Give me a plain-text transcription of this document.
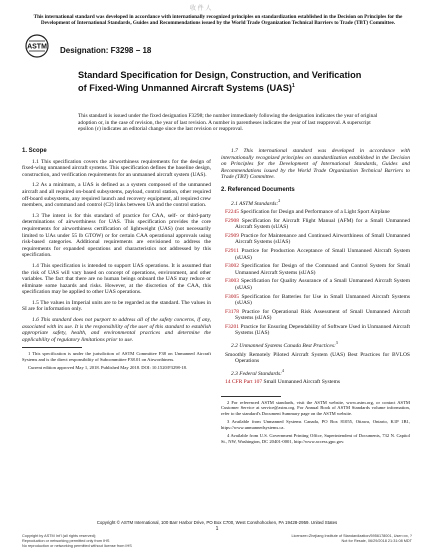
收 件 人
This international standard was developed in accordance with internationally recognized principles on standardization established in the Decision on Principles for the Development of International Standards, Guides and Recommendations issued by the World Trade Organization Technical Barriers to Trade (TBT) Committee.
ASTM Designation: F3298 − 18
Standard Specification for Design, Construction, and Verification of Fixed-Wing Unmanned Aircraft Systems (UAS)$^1$
This standard is issued under the fixed designation F3298; the number immediately following the designation indicates the year of original adoption or, in the case of revision, the year of last revision. A number in parentheses indicates the year of last reapproval. A superscript epsilon (ε) indicates an editorial change since the last revision or reapproval.
1. Scope

1.1 This specification covers the airworthiness requirements for the design of fixed-wing unmanned aircraft systems. This specification defines the baseline design, construction, and verification requirements for an unmanned aircraft system (UAS).

1.2 As a minimum, a UAS is defined as a system composed of the unmanned aircraft and all required on-board subsystems, payload, control station, other required off-board subsystems, any required launch and recovery equipment, all required crew members, and command and control (C2) links between UA and the control station.

1.3 The intent is for this standard of practice for CAA, self- or third-party determinations of airworthiness for UAS. This specification provides the core requirements for airworthiness certification of lightweight (UAS) (not necessarily limited to UAs under 55 lb GTOW) or for certain CAA operational approvals using risk-based categories. Additional requirements are envisioned to address the requirements for expanded operations and characteristics not addressed by this specification.

1.4 This specification is intended to support UAS operations. It is assumed that the risk of UAS will vary based on concept of operations, environment, and other variables. The fact that there are no human beings onboard the UAS may reduce or eliminate some hazards and risks. However, at the discretion of the CAA, this specification may be applied to other UAS operations.

1.5 The values in Imperial units are to be regarded as the standard. The values in SI are for information only.

1.6 This standard does not purport to address all of the safety concerns, if any, associated with its use. It is the responsibility of the user of this standard to establish appropriate safety, health, and environmental practices and determine the applicability of regulatory limitations prior to use.

1 This specification is under the jurisdiction of ASTM Committee F38 on Unmanned Aircraft Systems and is the direct responsibility of Subcommittee F38.01 on Airworthiness.
Current edition approved May 1, 2018. Published May 2018. DOI: 10.1520/F3298-18.

1.7 This international standard was developed in accordance with internationally recognized principles on standardization established in the Decision on Principles for the Development of International Standards, Guides and Recommendations issued by the World Trade Organization Technical Barriers to Trade (TBT) Committee.

2. Referenced Documents
2.1 ASTM Standards:$^2$
F2245 Specification for Design and Performance of a Light Sport Airplane
F2908 Specification for Aircraft Flight Manual (AFM) for a Small Unmanned Aircraft System (sUAS)
F2909 Practice for Maintenance and Continued Airworthiness of Small Unmanned Aircraft Systems (sUAS)
F2911 Practice for Production Acceptance of Small Unmanned Aircraft System (sUAS)
F3002 Specification for Design of the Command and Control System for Small Unmanned Aircraft Systems (sUAS)
F3003 Specification for Quality Assurance of a Small Unmanned Aircraft System (sUAS)
F3005 Specification for Batteries for Use in Small Unmanned Aircraft Systems (sUAS)
F3178 Practice for Operational Risk Assessment of Small Unmanned Aircraft Systems (sUAS)
F3201 Practice for Ensuring Dependability of Software Used in Unmanned Aircraft Systems (UAS)
2.2 Unmanned Systems Canada Best Practices:$^3$
Smoothly Remotely Piloted Aircraft System (UAS) Best Practices for BVLOS Operations
2.3 Federal Standards:$^4$
14 CFR Part 107 Small Unmanned Aircraft Systems
2 For referenced ASTM standards, visit the ASTM website, www.astm.org, or contact ASTM Customer Service at service@astm.org. For Annual Book of ASTM Standards volume information, refer to the standard's Document Summary page on the ASTM website.
3 Available from Unmanned Systems Canada, PO Box 81055, Ottawa, Ontario, K1P 1B1, https://www.unmannedsystems.ca.
4 Available from U.S. Government Printing Office, Superintendent of Documents, 732 N. Capitol St., NW, Washington, DC 20401-0001, http://www.access.gpo.gov.
Copyright © ASTM International, 100 Barr Harbor Drive, PO Box C700, West Conshohocken, PA 19428-2959. United States
1
Copyright by ASTM Int'l (all rights reserved);
Reproduction or networking permitted only from IHS
No reproduction or networking permitted without license from IHS
Licensee=Zhejiang Institute of Standardization/5956178001, User=xx, ?
Not for Resale, 06/29/2018 21:31:08 MDT
